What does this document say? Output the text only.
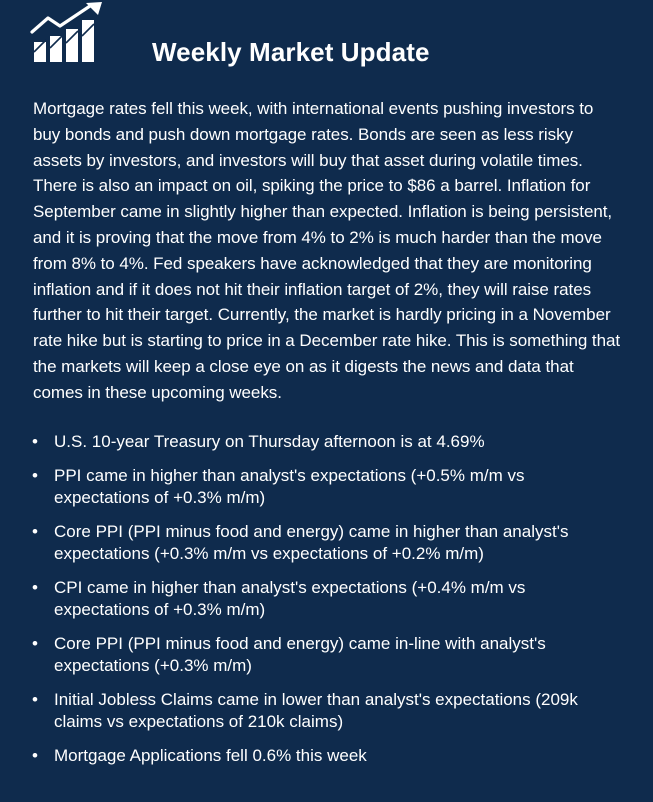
Weekly Market Update

Mortgage rates fell this week, with international events pushing investors to buy bonds and push down mortgage rates. Bonds are seen as less risky assets by investors, and investors will buy that asset during volatile times. There is also an impact on oil, spiking the price to $86 a barrel. Inflation for September came in slightly higher than expected. Inflation is being persistent, and it is proving that the move from 4% to 2% is much harder than the move from 8% to 4%. Fed speakers have acknowledged that they are monitoring inflation and if it does not hit their inflation target of 2%, they will raise rates further to hit their target. Currently, the market is hardly pricing in a November rate hike but is starting to price in a December rate hike. This is something that the markets will keep a close eye on as it digests the news and data that comes in these upcoming weeks.

• U.S. 10-year Treasury on Thursday afternoon is at 4.69%
• PPI came in higher than analyst's expectations (+0.5% m/m vs expectations of +0.3% m/m)
• Core PPI (PPI minus food and energy) came in higher than analyst's expectations (+0.3% m/m vs expectations of +0.2% m/m)
• CPI came in higher than analyst's expectations (+0.4% m/m vs expectations of +0.3% m/m)
• Core PPI (PPI minus food and energy) came in-line with analyst's expectations (+0.3% m/m)
• Initial Jobless Claims came in lower than analyst's expectations (209k claims vs expectations of 210k claims)
• Mortgage Applications fell 0.6% this week
